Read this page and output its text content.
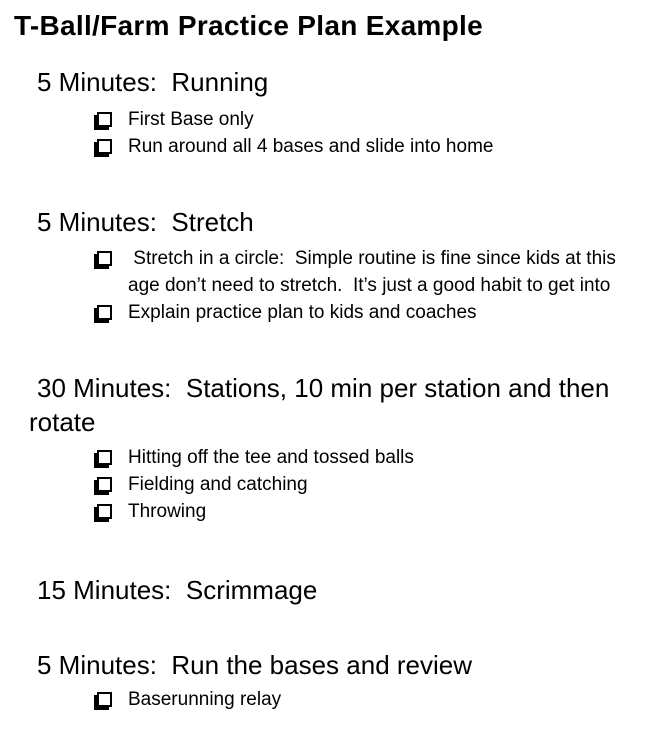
T-Ball/Farm Practice Plan Example
5 Minutes:  Running
First Base only
Run around all 4 bases and slide into home
5 Minutes:  Stretch
Stretch in a circle:  Simple routine is fine since kids at this age don’t need to stretch.  It’s just a good habit to get into
Explain practice plan to kids and coaches
30 Minutes:  Stations, 10 min per station and then rotate
Hitting off the tee and tossed balls
Fielding and catching
Throwing
15 Minutes:  Scrimmage
5 Minutes:  Run the bases and review
Baserunning relay
